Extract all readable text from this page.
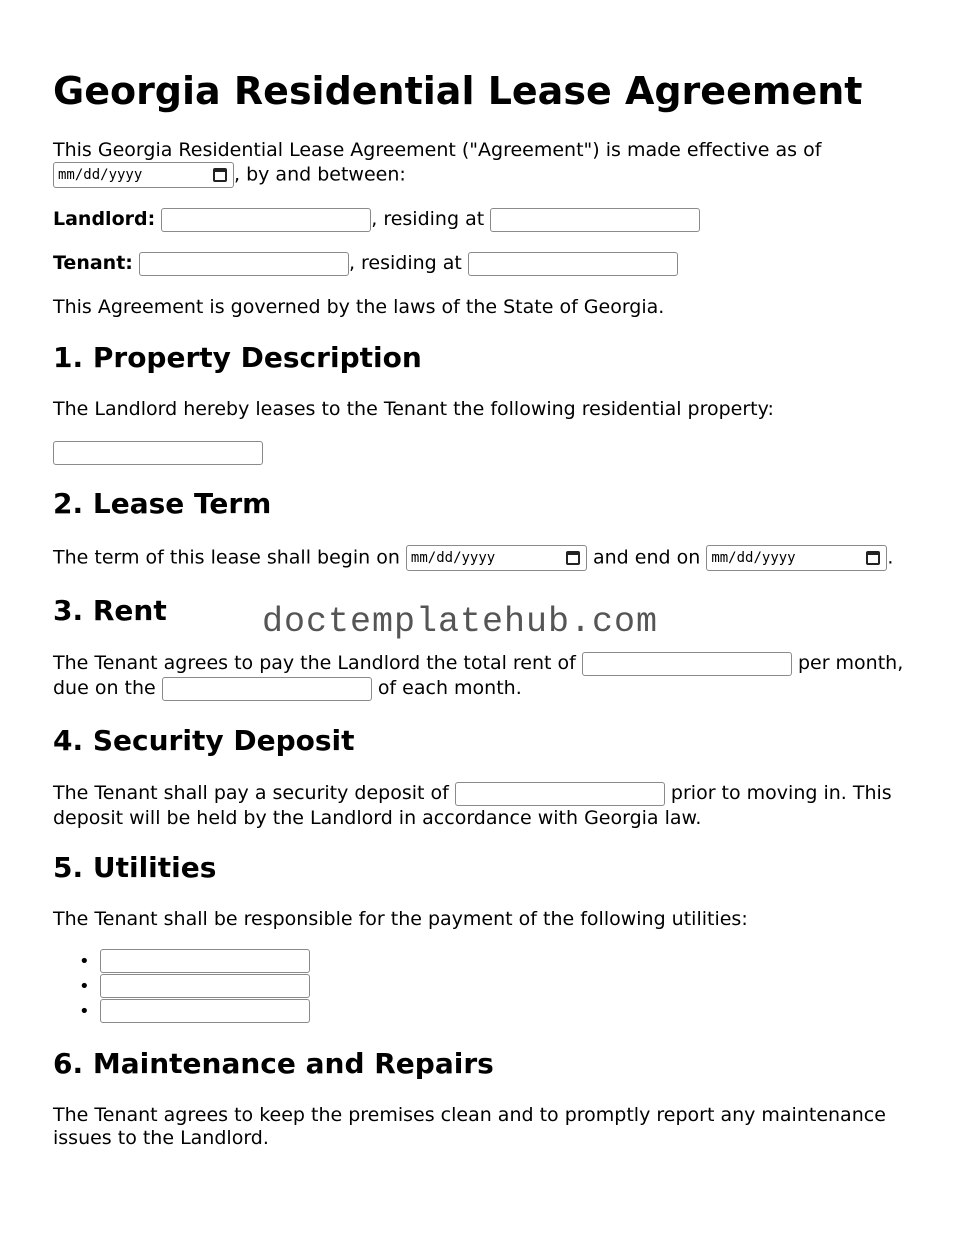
Georgia Residential Lease Agreement
This Georgia Residential Lease Agreement ("Agreement") is made effective as of
mm/dd/yyyy	, by and between:
Landlord:	, residing at
Tenant:	, residing at
This Agreement is governed by the laws of the State of Georgia.
1. Property Description
The Landlord hereby leases to the Tenant the following residential property:
2. Lease Term
The term of this lease shall begin on mm/dd/yyyy	and end on mm/dd/yyyy	.
3. Rent
The Tenant agrees to pay the Landlord the total rent of	per month,
due on the	of each month.
4. Security Deposit
The Tenant shall pay a security deposit of	prior to moving in. This
deposit will be held by the Landlord in accordance with Georgia law.
5. Utilities
The Tenant shall be responsible for the payment of the following utilities:
•
•
•
6. Maintenance and Repairs
The Tenant agrees to keep the premises clean and to promptly report any maintenance
issues to the Landlord.
doctemplatehub.com
